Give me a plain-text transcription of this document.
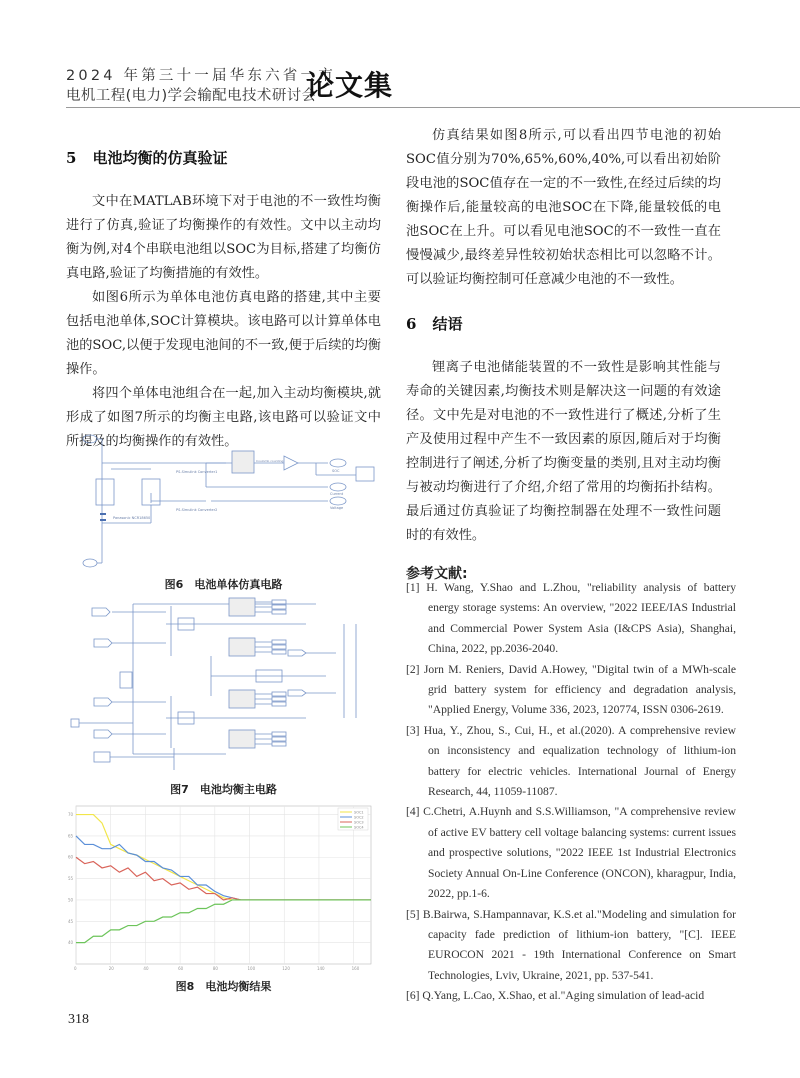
2024 年第三十一届华东六省一市
电机工程(电力)学会输配电技术研讨会
论文集
5 电池均衡的仿真验证

文中在MATLAB环境下对于电池的不一致性均衡进行了仿真,验证了均衡操作的有效性。文中以主动均衡为例,对4个串联电池组以SOC为目标,搭建了均衡仿真电路,验证了均衡措施的有效性。

如图6所示为单体电池仿真电路的搭建,其中主要包括电池单体,SOC计算模块。该电路可以计算单体电池的SOC,以便于发现电池间的不一致,便于后续的均衡操作。

将四个单体电池组合在一起,加入主动均衡模块,就形成了如图7所示的均衡主电路,该电路可以验证文中所提及的均衡操作的有效性。

Panasonic NCR18650
PS-Simulink Converter1
PS-Simulink Converter2
Coulomb counting
SOC
Current
Voltage
图6　电池单体仿真电路
图7　电池均衡主电路
40
45
50
55
60
65
70
0	20	40	60	80	100	120	140	160
SOC1
SOC2
SOC3
SOC4
图8　电池均衡结果

仿真结果如图8所示,可以看出四节电池的初始SOC值分别为70%,65%,60%,40%,可以看出初始阶段电池的SOC值存在一定的不一致性,在经过后续的均衡操作后,能量较高的电池SOC在下降,能量较低的电池SOC在上升。可以看见电池SOC的不一致性一直在慢慢减少,最终差异性较初始状态相比可以忽略不计。可以验证均衡控制可任意减少电池的不一致性。

6 结语

锂离子电池储能装置的不一致性是影响其性能与寿命的关键因素,均衡技术则是解决这一问题的有效途径。文中先是对电池的不一致性进行了概述,分析了生产及使用过程中产生不一致因素的原因,随后对于均衡控制进行了阐述,分析了均衡变量的类别,且对主动均衡与被动均衡进行了介绍,介绍了常用的均衡拓扑结构。最后通过仿真验证了均衡控制器在处理不一致性问题时的有效性。

参考文献:

[1] H. Wang, Y.Shao and L.Zhou, "reliability analysis of battery energy storage systems: An overview, "2022 IEEE/IAS Industrial and Commercial Power System Asia (I&CPS Asia), Shanghai, China, 2022, pp.2036-2040.

[2] Jorn M. Reniers, David A.Howey, "Digital twin of a MWh-scale grid battery system for efficiency and degradation analysis, "Applied Energy, Volume 336, 2023, 120774, ISSN 0306-2619.

[3] Hua, Y., Zhou, S., Cui, H., et al.(2020). A comprehensive review on inconsistency and equalization technology of lithium-ion battery for electric vehicles. International Journal of Energy Research, 44, 11059-11087.

[4] C.Chetri, A.Huynh and S.S.Williamson, "A comprehensive review of active EV battery cell voltage balancing systems: current issues and prospective solutions, "2022 IEEE 1st Industrial Electronics Society Annual On-Line Conference (ONCON), kharagpur, India, 2022, pp.1-6.

[5] B.Bairwa, S.Hampannavar, K.S.et al."Modeling and simulation for capacity fade prediction of lithium-ion battery, "[C]. IEEE EUROCON 2021 - 19th International Conference on Smart Technologies, Lviv, Ukraine, 2021, pp. 537-541.

[6] Q.Yang, L.Cao, X.Shao, et al."Aging simulation of lead-acid

318
